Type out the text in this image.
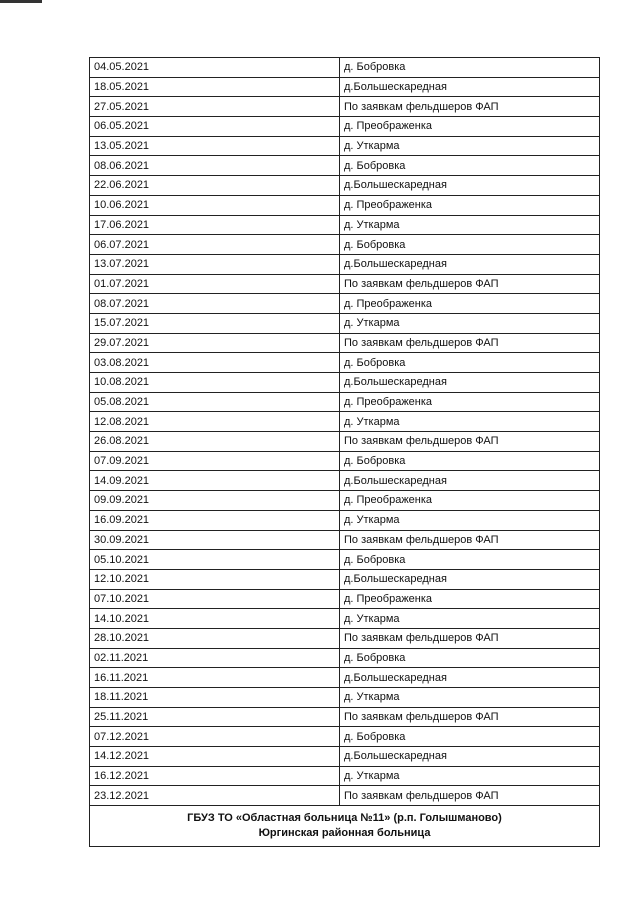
04.05.2021	д. Бобровка
18.05.2021	д.Большескаредная
27.05.2021	По заявкам фельдшеров ФАП
06.05.2021	д. Преображенка
13.05.2021	д. Уткарма
08.06.2021	д. Бобровка
22.06.2021	д.Большескаредная
10.06.2021	д. Преображенка
17.06.2021	д. Уткарма
06.07.2021	д. Бобровка
13.07.2021	д.Большескаредная
01.07.2021	По заявкам фельдшеров ФАП
08.07.2021	д. Преображенка
15.07.2021	д. Уткарма
29.07.2021	По заявкам фельдшеров ФАП
03.08.2021	д. Бобровка
10.08.2021	д.Большескаредная
05.08.2021	д. Преображенка
12.08.2021	д. Уткарма
26.08.2021	По заявкам фельдшеров ФАП
07.09.2021	д. Бобровка
14.09.2021	д.Большескаредная
09.09.2021	д. Преображенка
16.09.2021	д. Уткарма
30.09.2021	По заявкам фельдшеров ФАП
05.10.2021	д. Бобровка
12.10.2021	д.Большескаредная
07.10.2021	д. Преображенка
14.10.2021	д. Уткарма
28.10.2021	По заявкам фельдшеров ФАП
02.11.2021	д. Бобровка
16.11.2021	д.Большескаредная
18.11.2021	д. Уткарма
25.11.2021	По заявкам фельдшеров ФАП
07.12.2021	д. Бобровка
14.12.2021	д.Большескаредная
16.12.2021	д. Уткарма
23.12.2021	По заявкам фельдшеров ФАП

ГБУЗ ТО «Областная больница №11» (р.п. Голышманово)
Юргинская районная больница	
